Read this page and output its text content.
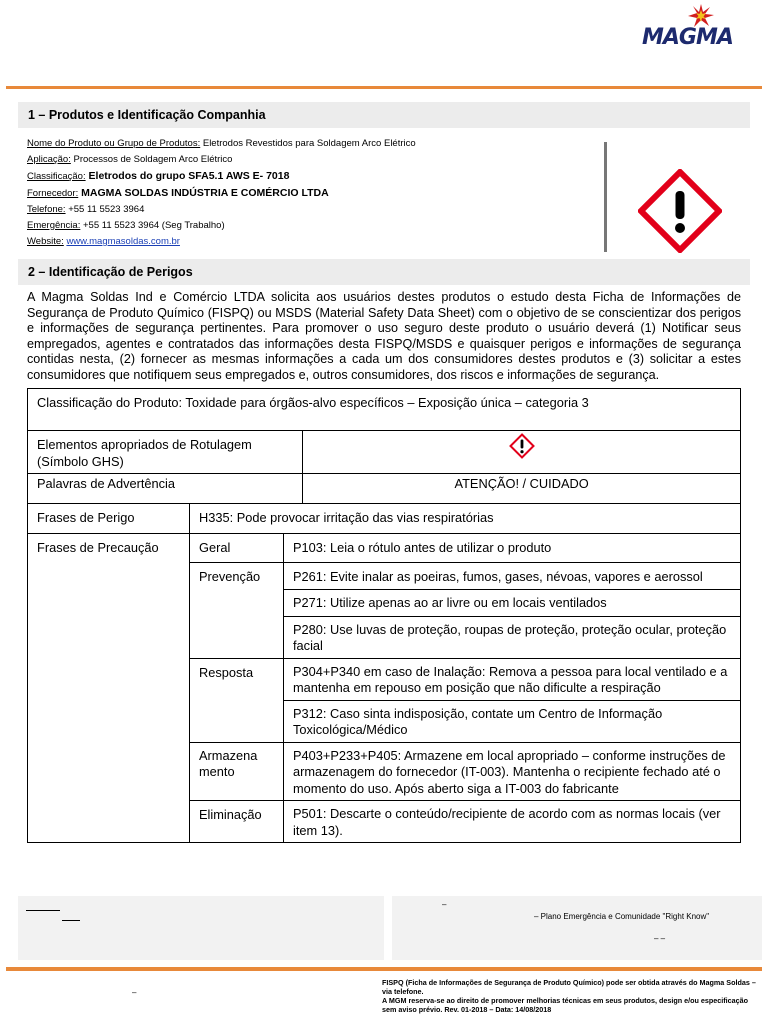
MAGMA
1 – Produtos e Identificação Companhia
Nome do Produto ou Grupo de Produtos: Eletrodos Revestidos para Soldagem Arco Elétrico
Aplicação: Processos de Soldagem Arco Elétrico
Classificação: Eletrodos do grupo SFA5.1 AWS E- 7018
Fornecedor: MAGMA SOLDAS INDÚSTRIA E COMÉRCIO LTDA
Telefone: +55 11 5523 3964
Emergência: +55 11 5523 3964 (Seg Trabalho)
Website: www.magmasoldas.com.br
2 – Identificação de Perigos
A Magma Soldas Ind e Comércio LTDA solicita aos usuários destes produtos o estudo desta Ficha de Informações de Segurança de Produto Químico (FISPQ) ou MSDS (Material Safety Data Sheet) com o objetivo de se conscientizar dos perigos e informações de segurança pertinentes. Para promover o uso seguro deste produto o usuário deverá (1) Notificar seus empregados, agentes e contratados das informações desta FISPQ/MSDS e quaisquer perigos e informações de segurança contidas nesta, (2) fornecer as mesmas informações a cada um dos consumidores destes produtos e (3) solicitar a estes consumidores que notifiquem seus empregados e, outros consumidores, dos riscos e informações de segurança.
Classificação do Produto: Toxidade para órgãos-alvo específicos – Exposição única – categoria 3			
Elementos apropriados de Rotulagem (Símbolo GHS)	
Palavras de Advertência			ATENÇÃO! / CUIDADO
Frases de Perigo	H335: Pode provocar irritação das vias respiratórias		
Frases de Precaução	Geral	P103: Leia o rótulo antes de utilizar o produto	
	Prevenção	P261: Evite inalar as poeiras, fumos, gases, névoas, vapores e aerossol	
		P271: Utilize apenas ao ar livre ou em locais ventilados	
		P280: Use luvas de proteção, roupas de proteção, proteção ocular, proteção facial	
	Resposta	P304+P340 em caso de Inalação: Remova a pessoa para local ventilado e a mantenha em repouso em posição que não dificulte a respiração	
		P312: Caso sinta indisposição, contate um Centro de Informação Toxicológica/Médico	
	Armazena mento	P403+P233+P405: Armazene em local apropriado – conforme instruções de armazenagem do fornecedor (IT-003). Mantenha o recipiente fechado até o momento do uso. Após aberto siga a IT-003 do fabricante	
	Eliminação	P501: Descarte o conteúdo/recipiente de acordo com as normas locais (ver item 13).	
–
– Plano Emergência e Comunidade "Right Know"
– –
–
FISPQ (Ficha de Informações de Segurança de Produto Químico) pode ser obtida através do Magma Soldas – via telefone.
A MGM reserva-se ao direito de promover melhorias técnicas em seus produtos, design e/ou especificação sem aviso prévio. Rev. 01-2018 – Data: 14/08/2018
